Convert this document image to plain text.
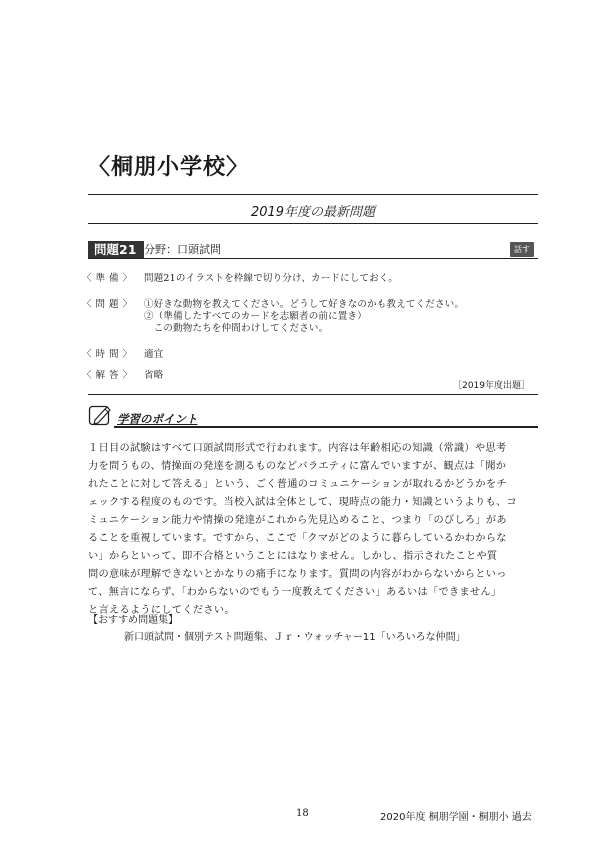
〈桐朋小学校〉
2019年度の最新問題
問題21 分野：口頭試問	話す
〈 準 備 〉 問題21のイラストを枠線で切り分け、カードにしておく。
〈 問 題 〉 ①好きな動物を教えてください。どうして好きなのかも教えてください。
②（準備したすべてのカードを志願者の前に置き）
　この動物たちを仲間わけしてください。
〈 時 間 〉 適宜
〈 解 答 〉 省略
［2019年度出題］
学習のポイント
１日目の試験はすべて口頭試問形式で行われます。内容は年齢相応の知識（常識）や思考
力を問うもの、情操面の発達を測るものなどバラエティに富んでいますが、観点は「聞か
れたことに対して答える」という、ごく普通のコミュニケーションが取れるかどうかをチ
ェックする程度のものです。当校入試は全体として、現時点の能力・知識というよりも、コ
ミュニケーション能力や情操の発達がこれから先見込めること、つまり「のびしろ」があ
ることを重視しています。ですから、ここで「クマがどのように暮らしているかわからな
い」からといって、即不合格ということにはなりません。しかし、指示されたことや質
問の意味が理解できないとかなりの痛手になります。質問の内容がわからないからといっ
て、無言にならず、「わからないのでもう一度教えてください」あるいは「できません」
と言えるようにしてください。
【おすすめ問題集】
新口頭試問・個別テスト問題集、Ｊｒ・ウォッチャー11「いろいろな仲間」
18	2020年度 桐朋学園・桐朋小 過去
